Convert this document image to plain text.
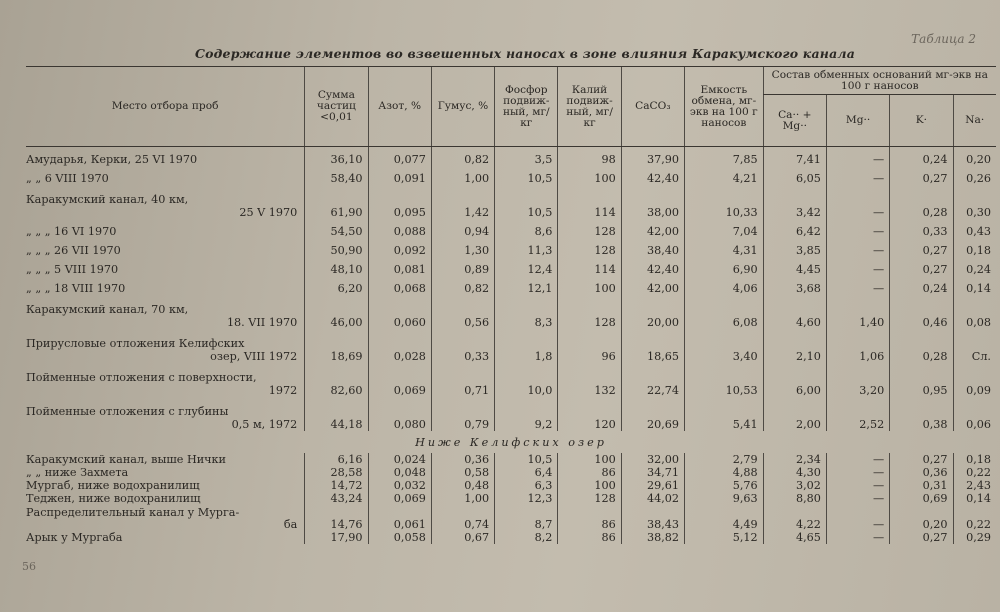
Таблица 2
Содержание элементов во взвешенных наносах в зоне влияния Каракумского канала
56
Место отбора проб	Сумма частиц <0,01	Азот, %	Гумус, %	Фосфор подвижный, мг/кг	Калий подвижный, мг/кг	CaCO₃	Емкость обмена, мг-экв на 100 г наносов	Состав обменных оснований мг-экв на 100 г наносов			
								Ca·· + Mg··	Mg··	K·	Na·

Амударья, Керки, 25 VI 1970	36,10	0,077	0,82	3,5	98	37,90	7,85	7,41	—	0,24	0,20

„ „ 6 VIII 1970	58,40	0,091	1,00	10,5	100	42,40	4,21	6,05	—	0,27	0,26

Каракумский канал, 40 км,
25 V 1970	61,90	0,095	1,42	10,5	114	38,00	10,33	3,42	—	0,28	0,30

„ „ „ 16 VI 1970	54,50	0,088	0,94	8,6	128	42,00	7,04	6,42	—	0,33	0,43

„ „ „ 26 VII 1970	50,90	0,092	1,30	11,3	128	38,40	4,31	3,85	—	0,27	0,18

„ „ „ 5 VIII 1970	48,10	0,081	0,89	12,4	114	42,40	6,90	4,45	—	0,27	0,24

„ „ „ 18 VIII 1970	6,20	0,068	0,82	12,1	100	42,00	4,06	3,68	—	0,24	0,14

Каракумский канал, 70 км,
18. VII 1970	46,00	0,060	0,56	8,3	128	20,00	6,08	4,60	1,40	0,46	0,08

Прирусловые отложения Келифских
озер, VIII 1972	18,69	0,028	0,33	1,8	96	18,65	3,40	2,10	1,06	0,28	Сл.

Пойменные отложения с поверхности,
1972	82,60	0,069	0,71	10,0	132	22,74	10,53	6,00	3,20	0,95	0,09

Пойменные отложения с глубины
0,5 м, 1972	44,18	0,080	0,79	9,2	120	20,69	5,41	2,00	2,52	0,38	0,06
Ниже Келифских озер											

Каракумский канал, выше Нички	6,16	0,024	0,36	10,5	100	32,00	2,79	2,34	—	0,27	0,18

„ „ ниже Захмета	28,58	0,048	0,58	6,4	86	34,71	4,88	4,30	—	0,36	0,22

Мургаб, ниже водохранилищ	14,72	0,032	0,48	6,3	100	29,61	5,76	3,02	—	0,31	2,43

Теджен, ниже водохранилищ	43,24	0,069	1,00	12,3	128	44,02	9,63	8,80	—	0,69	0,14

Распределительный канал у Мурга-
ба	14,76	0,061	0,74	8,7	86	38,43	4,49	4,22	—	0,20	0,22

Арык у Мургаба	17,90	0,058	0,67	8,2	86	38,82	5,12	4,65	—	0,27	0,29
